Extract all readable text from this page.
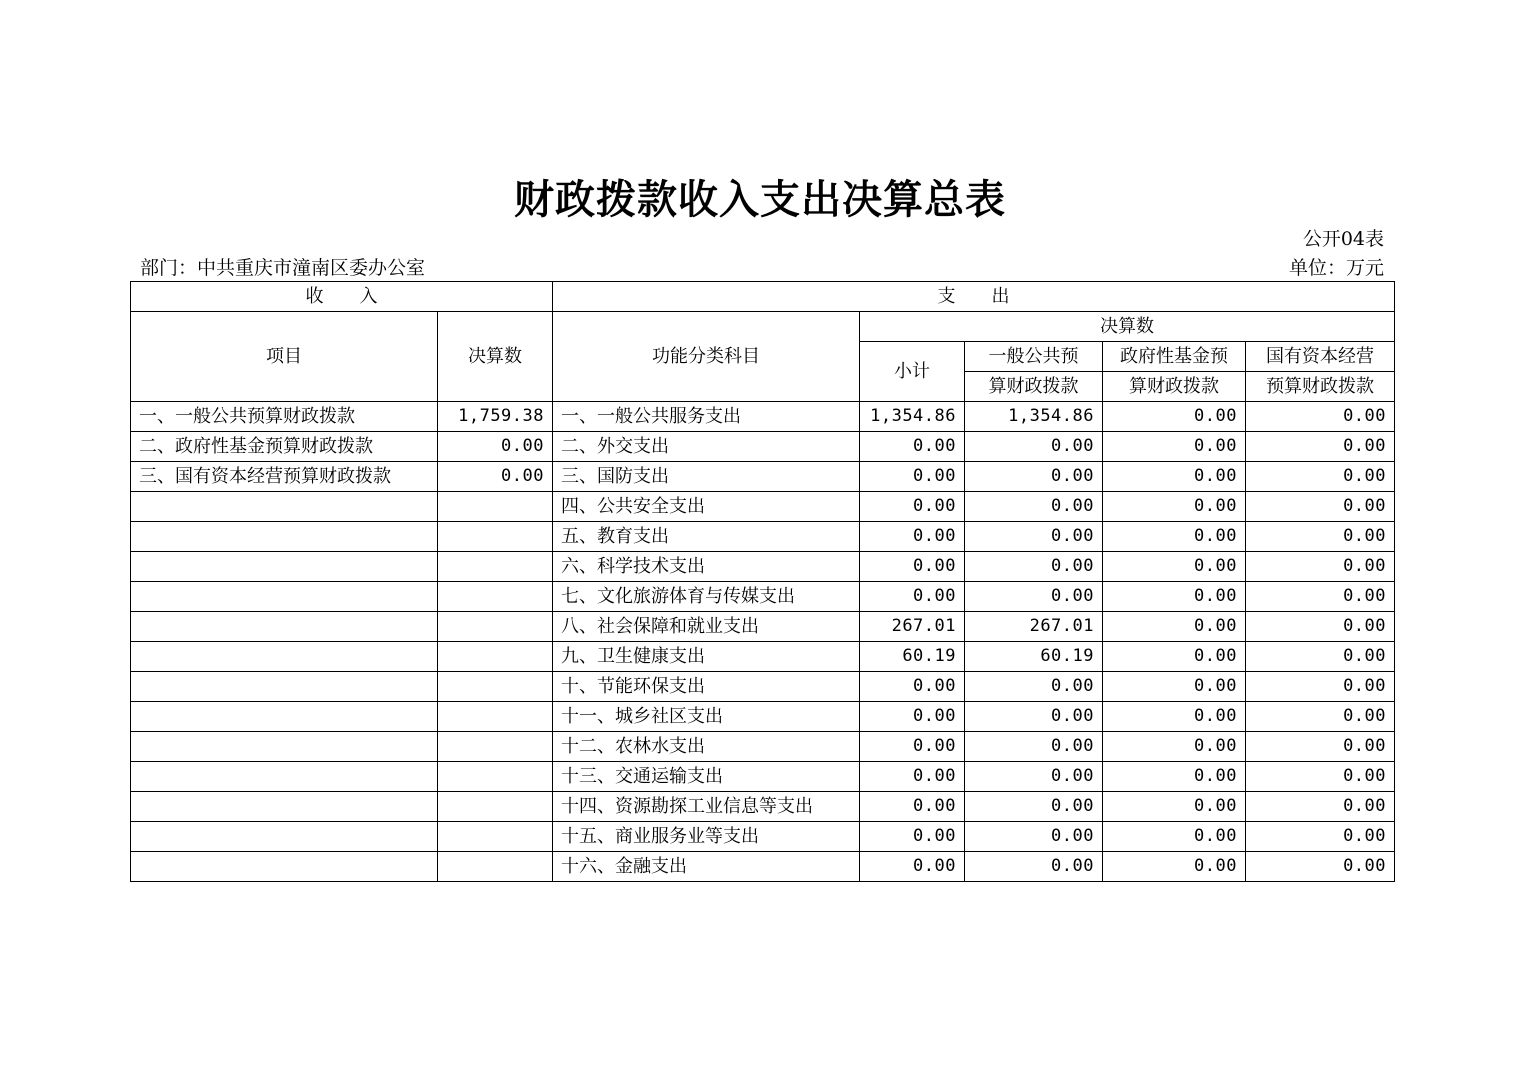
财政拨款收入支出决算总表
公开04表
部门：中共重庆市潼南区委办公室	单位：万元
收　　入		支　　出				
项目	决算数	功能分类科目	决算数			
			小计	一般公共预	政府性基金预	国有资本经营
				算财政拨款	算财政拨款	预算财政拨款
一、一般公共预算财政拨款	1,759.38	一、一般公共服务支出	1,354.86	1,354.86	0.00	0.00
二、政府性基金预算财政拨款	0.00	二、外交支出	0.00	0.00	0.00	0.00
三、国有资本经营预算财政拨款	0.00	三、国防支出	0.00	0.00	0.00	0.00
		四、公共安全支出	0.00	0.00	0.00	0.00
		五、教育支出	0.00	0.00	0.00	0.00
		六、科学技术支出	0.00	0.00	0.00	0.00
		七、文化旅游体育与传媒支出	0.00	0.00	0.00	0.00
		八、社会保障和就业支出	267.01	267.01	0.00	0.00
		九、卫生健康支出	60.19	60.19	0.00	0.00
		十、节能环保支出	0.00	0.00	0.00	0.00
		十一、城乡社区支出	0.00	0.00	0.00	0.00
		十二、农林水支出	0.00	0.00	0.00	0.00
		十三、交通运输支出	0.00	0.00	0.00	0.00
		十四、资源勘探工业信息等支出	0.00	0.00	0.00	0.00
		十五、商业服务业等支出	0.00	0.00	0.00	0.00
		十六、金融支出	0.00	0.00	0.00	0.00
